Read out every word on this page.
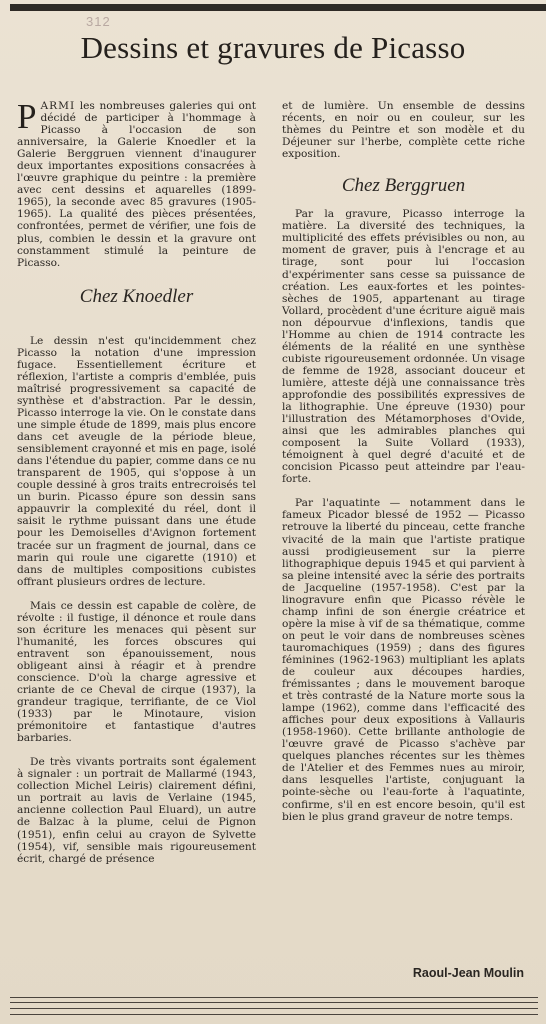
312
Dessins et gravures de Picasso

PARMI les nombreuses galeries qui ont décidé de participer à l'hommage à Picasso à l'occasion de son anniversaire, la Galerie Knoedler et la Galerie Berggruen viennent d'inaugurer deux importantes expositions consacrées à l'œuvre graphique du peintre : la première avec cent dessins et aquarelles (1899-1965), la seconde avec 85 gravures (1905-1965). La qualité des pièces présentées, confrontées, permet de vérifier, une fois de plus, combien le dessin et la gravure ont constamment stimulé la peinture de Picasso.

Chez Knoedler

Le dessin n'est qu'incidemment chez Picasso la notation d'une impression fugace. Essentiellement écriture et réflexion, l'artiste a compris d'emblée, puis maîtrisé progressivement sa capacité de synthèse et d'abstraction. Par le dessin, Picasso interroge la vie. On le constate dans une simple étude de 1899, mais plus encore dans cet aveugle de la période bleue, sensiblement crayonné et mis en page, isolé dans l'étendue du papier, comme dans ce nu transparent de 1905, qui s'oppose à un couple dessiné à gros traits entrecroisés tel un burin. Picasso épure son dessin sans appauvrir la complexité du réel, dont il saisit le rythme puissant dans une étude pour les Demoiselles d'Avignon fortement tracée sur un fragment de journal, dans ce marin qui roule une cigarette (1910) et dans de multiples compositions cubistes offrant plusieurs ordres de lecture.

Mais ce dessin est capable de colère, de révolte : il fustige, il dénonce et roule dans son écriture les menaces qui pèsent sur l'humanité, les forces obscures qui entravent son épanouissement, nous obligeant ainsi à réagir et à prendre conscience. D'où la charge agressive et criante de ce Cheval de cirque (1937), la grandeur tragique, terrifiante, de ce Viol (1933) par le Minotaure, vision prémonitoire et fantastique d'autres barbaries.

De très vivants portraits sont également à signaler : un portrait de Mallarmé (1943, collection Michel Leiris) clairement défini, un portrait au lavis de Verlaine (1945, ancienne collection Paul Eluard), un autre de Balzac à la plume, celui de Pignon (1951), enfin celui au crayon de Sylvette (1954), vif, sensible mais rigoureusement écrit, chargé de présence

et de lumière. Un ensemble de dessins récents, en noir ou en couleur, sur les thèmes du Peintre et son modèle et du Déjeuner sur l'herbe, complète cette riche exposition.

Chez Berggruen

Par la gravure, Picasso interroge la matière. La diversité des techniques, la multiplicité des effets prévisibles ou non, au moment de graver, puis à l'encrage et au tirage, sont pour lui l'occasion d'expérimenter sans cesse sa puissance de création. Les eaux-fortes et les pointes-sèches de 1905, appartenant au tirage Vollard, procèdent d'une écriture aiguë mais non dépourvue d'inflexions, tandis que l'Homme au chien de 1914 contracte les éléments de la réalité en une synthèse cubiste rigoureusement ordonnée. Un visage de femme de 1928, associant douceur et lumière, atteste déjà une connaissance très approfondie des possibilités expressives de la lithographie. Une épreuve (1930) pour l'illustration des Métamorphoses d'Ovide, ainsi que les admirables planches qui composent la Suite Vollard (1933), témoignent à quel degré d'acuité et de concision Picasso peut atteindre par l'eau-forte.

Par l'aquatinte — notamment dans le fameux Picador blessé de 1952 — Picasso retrouve la liberté du pinceau, cette franche vivacité de la main que l'artiste pratique aussi prodigieusement sur la pierre lithographique depuis 1945 et qui parvient à sa pleine intensité avec la série des portraits de Jacqueline (1957-1958). C'est par la linogravure enfin que Picasso révèle le champ infini de son énergie créatrice et opère la mise à vif de sa thématique, comme on peut le voir dans de nombreuses scènes tauromachiques (1959) ; dans des figures féminines (1962-1963) multipliant les aplats de couleur aux découpes hardies, frémissantes ; dans le mouvement baroque et très contrasté de la Nature morte sous la lampe (1962), comme dans l'efficacité des affiches pour deux expositions à Vallauris (1958-1960). Cette brillante anthologie de l'œuvre gravé de Picasso s'achève par quelques planches récentes sur les thèmes de l'Atelier et des Femmes nues au miroir, dans lesquelles l'artiste, conjuguant la pointe-sèche ou l'eau-forte à l'aquatinte, confirme, s'il en est encore besoin, qu'il est bien le plus grand graveur de notre temps.

Raoul-Jean Moulin
